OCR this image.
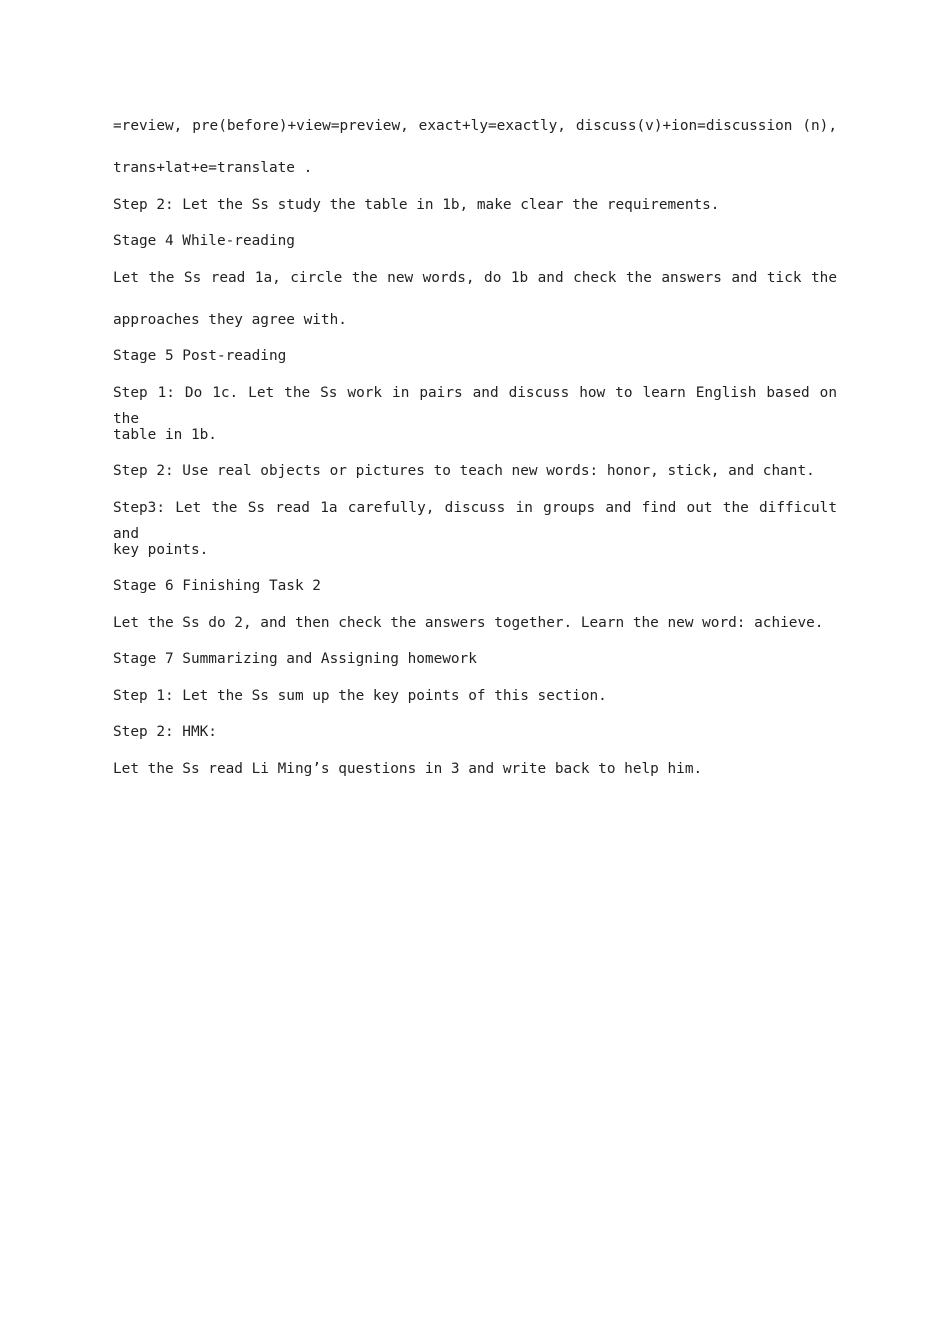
=review, pre(before)+view=preview, exact+ly=exactly, discuss(v)+ion=discussion (n),
trans+lat+e=translate .
Step 2: Let the Ss study the table in 1b, make clear the requirements.
Stage 4 While-reading
Let the Ss read 1a, circle the new words, do 1b and check the answers and tick the
approaches they agree with.
Stage 5 Post-reading
Step 1: Do 1c. Let the Ss work in pairs and discuss how to learn English based on the
table in 1b.
Step 2: Use real objects or pictures to teach new words: honor, stick, and chant.
Step3: Let the Ss read 1a carefully, discuss in groups and find out the difficult and
key points.
Stage 6 Finishing Task 2
Let the Ss do 2, and then check the answers together. Learn the new word: achieve.
Stage 7 Summarizing and Assigning homework
Step 1: Let the Ss sum up the key points of this section.
Step 2: HMK:
Let the Ss read Li Ming’s questions in 3 and write back to help him.
